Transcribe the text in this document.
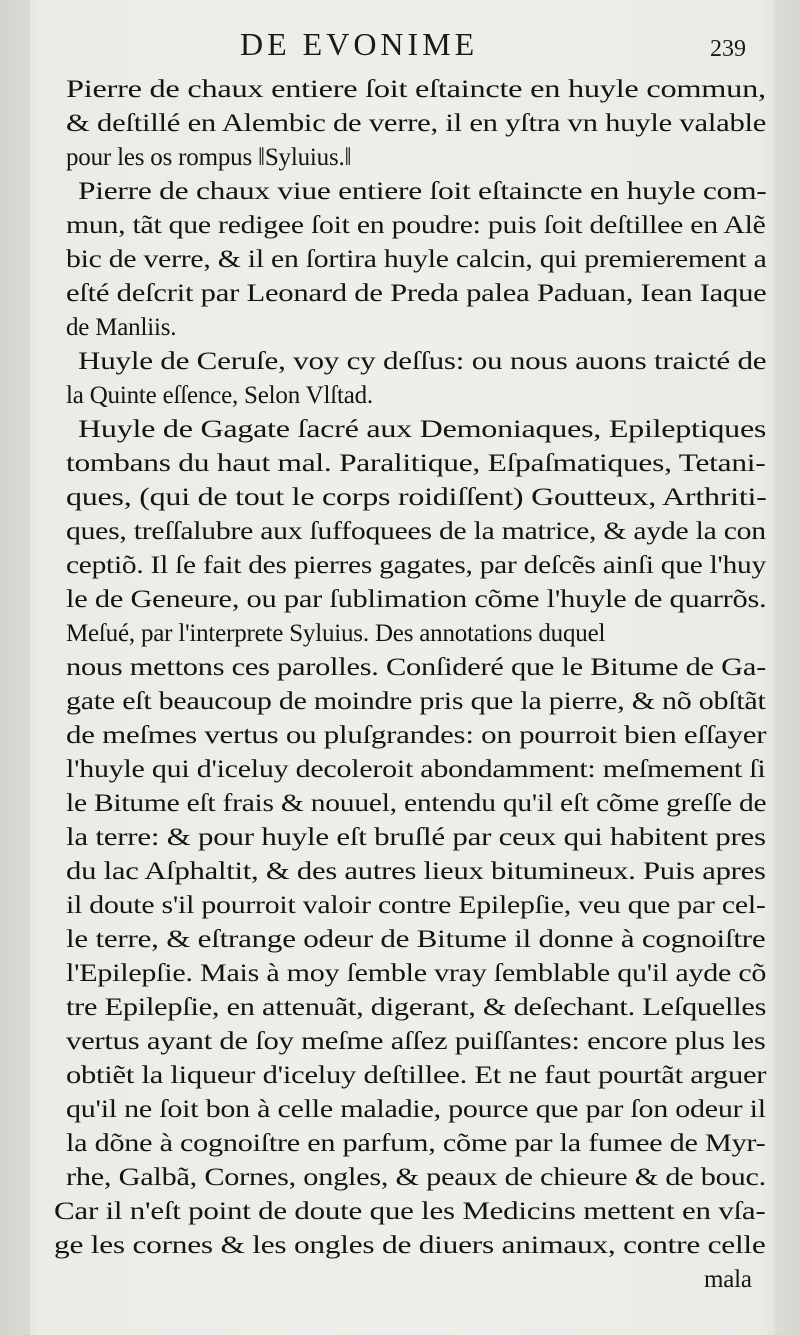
DE EVONIME	239
Pierre de chaux entiere ſoit eſtaincte en huyle commun,
& deſtillé en Alembic de verre, il en yſtra vn huyle valable
pour les os rompus ‖Syluius.‖
Pierre de chaux viue entiere ſoit eſtaincte en huyle com-
mun, tãt que redigee ſoit en poudre: puis ſoit deſtillee en Alẽ
bic de verre, & il en ſortira huyle calcin, qui premierement a
eſté deſcrit par Leonard de Preda palea Paduan, Iean Iaque
de Manliis.
Huyle de Ceruſe, voy cy deſſus: ou nous auons traicté de
la Quinte eſſence, Selon Vlſtad.
Huyle de Gagate ſacré aux Demoniaques, Epileptiques
tombans du haut mal. Paralitique, Eſpaſmatiques, Tetani-
ques, (qui de tout le corps roidiſſent) Goutteux, Arthriti-
ques, treſſalubre aux ſuffoquees de la matrice, & ayde la con
ceptiõ. Il ſe fait des pierres gagates, par deſcẽs ainſi que l'huy
le de Geneure, ou par ſublimation cõme l'huyle de quarrõs.
Meſué, par l'interprete Syluius. Des annotations duquel
nous mettons ces parolles. Conſideré que le Bitume de Ga-
gate eſt beaucoup de moindre pris que la pierre, & nõ obſtãt
de meſmes vertus ou pluſgrandes: on pourroit bien eſſayer
l'huyle qui d'iceluy decoleroit abondamment: meſmement ſi
le Bitume eſt frais & nouuel, entendu qu'il eſt cõme greſſe de
la terre: & pour huyle eſt bruſlé par ceux qui habitent pres
du lac Aſphaltit, & des autres lieux bitumineux. Puis apres
il doute s'il pourroit valoir contre Epilepſie, veu que par cel-
le terre, & eſtrange odeur de Bitume il donne à cognoiſtre
l'Epilepſie. Mais à moy ſemble vray ſemblable qu'il ayde cõ
tre Epilepſie, en attenuãt, digerant, & deſechant. Leſquelles
vertus ayant de ſoy meſme aſſez puiſſantes: encore plus les
obtiẽt la liqueur d'iceluy deſtillee. Et ne faut pourtãt arguer
qu'il ne ſoit bon à celle maladie, pource que par ſon odeur il
la dõne à cognoiſtre en parfum, cõme par la fumee de Myr-
rhe, Galbã, Cornes, ongles, & peaux de chieure & de bouc.
Car il n'eſt point de doute que les Medicins mettent en vſa-
ge les cornes & les ongles de diuers animaux, contre celle
mala
